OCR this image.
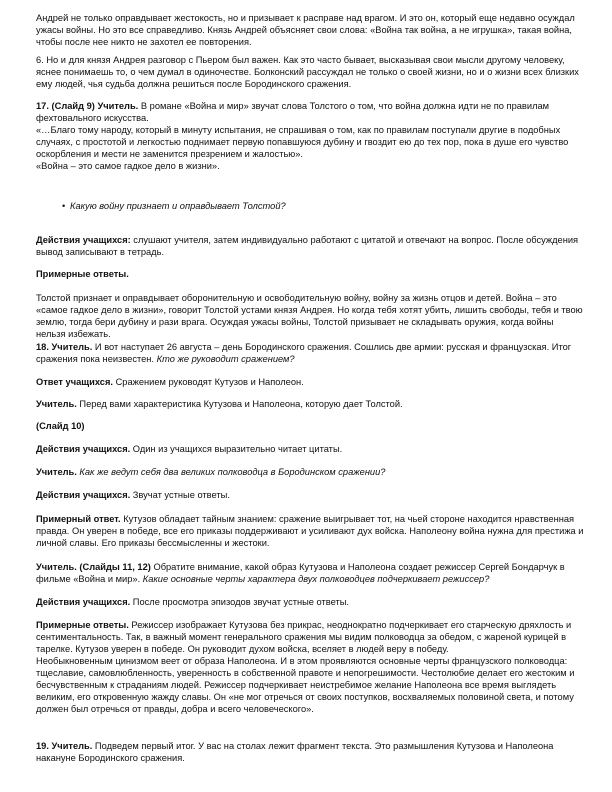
Андрей не только оправдывает жестокость, но и призывает к расправе над врагом. И это он, который еще недавно осуждал ужасы войны. Но это все справедливо. Князь Андрей объясняет свои слова: «Война так война, а не игрушка», такая война, чтобы после нее никто не захотел ее повторения.

6. Но и для князя Андрея разговор с Пьером был важен. Как это часто бывает, высказывая свои мысли другому человеку, яснее понимаешь то, о чем думал в одиночестве. Болконский рассуждал не только о своей жизни, но и о жизни всех близких ему людей, чья судьба должна решиться после Бородинского сражения.

17. (Слайд 9) Учитель. В романе «Война и мир» звучат слова Толстого о том, что война должна идти не по правилам фехтовального искусства.
«…Благо тому народу, который в минуту испытания, не спрашивая о том, как по правилам поступали другие в подобных случаях, с простотой и легкостью поднимает первую попавшуюся дубину и гвоздит ею до тех пор, пока в душе его чувство оскорбления и мести не заменится презрением и жалостью».
«Война – это самое гадкое дело в жизни».
• Какую войну признает и оправдывает Толстой?

Действия учащихся: слушают учителя, затем индивидуально работают с цитатой и отвечают на вопрос. После обсуждения вывод записывают в тетрадь.

Примерные ответы.

Толстой признает и оправдывает оборонительную и освободительную войну, войну за жизнь отцов и детей. Война – это «самое гадкое дело в жизни», говорит Толстой устами князя Андрея. Но когда тебя хотят убить, лишить свободы, тебя и твою землю, тогда бери дубину и рази врага. Осуждая ужасы войны, Толстой призывает не складывать оружия, когда войны нельзя избежать.

18. Учитель. И вот наступает 26 августа – день Бородинского сражения. Сошлись две армии: русская и французская. Итог сражения пока неизвестен. Кто же руководит сражением?

Ответ учащихся. Сражением руководят Кутузов и Наполеон.

Учитель. Перед вами характеристика Кутузова и Наполеона, которую дает Толстой.

(Слайд 10)

Действия учащихся. Один из учащихся выразительно читает цитаты.

Учитель. Как же ведут себя два великих полководца в Бородинском сражении?

Действия учащихся. Звучат устные ответы.

Примерный ответ. Кутузов обладает тайным знанием: сражение выигрывает тот, на чьей стороне находится нравственная правда. Он уверен в победе, все его приказы поддерживают и усиливают дух войска. Наполеону война нужна для престижа и личной славы. Его приказы бессмысленны и жестоки.

Учитель. (Слайды 11, 12) Обратите внимание, какой образ Кутузова и Наполеона создает режиссер Сергей Бондарчук в фильме «Война и мир». Какие основные черты характера двух полководцев подчеркивает режиссер?

Действия учащихся. После просмотра эпизодов звучат устные ответы.

Примерные ответы. Режиссер изображает Кутузова без прикрас, неоднократно подчеркивает его старческую дряхлость и сентиментальность. Так, в важный момент генерального сражения мы видим полководца за обедом, с жареной курицей в тарелке. Кутузов уверен в победе. Он руководит духом войска, вселяет в людей веру в победу.
Необыкновенным цинизмом веет от образа Наполеона. И в этом проявляются основные черты французского полководца: тщеславие, самовлюбленность, уверенность в собственной правоте и непогрешимости. Честолюбие делает его жестоким и бесчувственным к страданиям людей. Режиссер подчеркивает неистребимое желание Наполеона все время выглядеть великим, его откровенную жажду славы. Он «не мог отречься от своих поступков, восхваляемых половиной света, и потому должен был отречься от правды, добра и всего человеческого».

19. Учитель. Подведем первый итог. У вас на столах лежит фрагмент текста. Это размышления Кутузова и Наполеона накануне Бородинского сражения.
